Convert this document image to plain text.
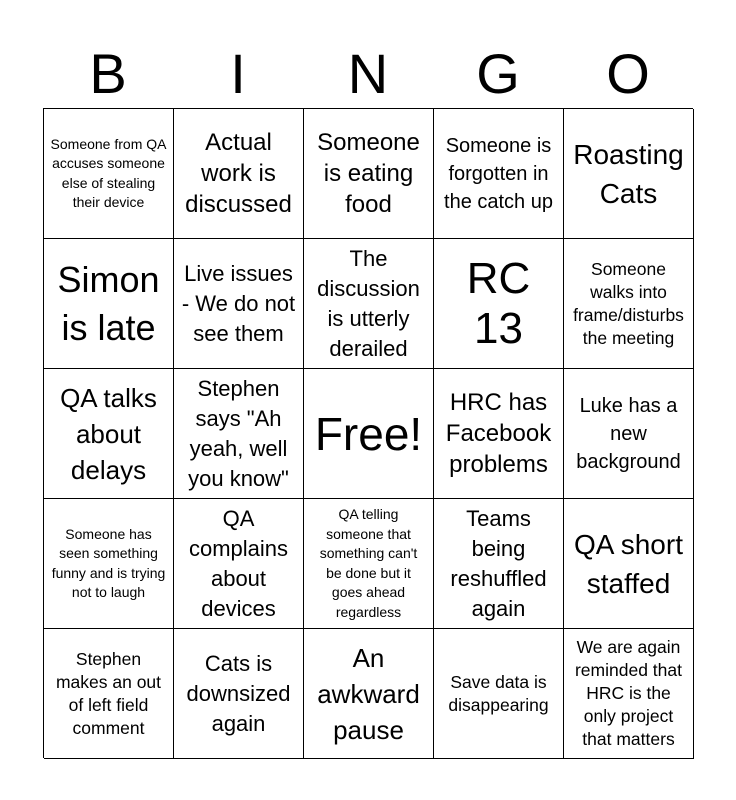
B	I	N	G	O
Someone from QA accuses someone else of stealing their device
Actual work is discussed
Someone is eating food
Someone is forgotten in the catch up
Roasting Cats
Simon is late
Live issues - We do not see them
The discussion is utterly derailed
RC 13
Someone walks into frame/disturbs the meeting
QA talks about delays
Stephen says "Ah yeah, well you know"
Free!
HRC has Facebook problems
Luke has a new background
Someone has seen something funny and is trying not to laugh
QA complains about devices
QA telling someone that something can't be done but it goes ahead regardless
Teams being reshuffled again
QA short staffed
Stephen makes an out of left field comment
Cats is downsized again
An awkward pause
Save data is disappearing
We are again reminded that HRC is the only project that matters
